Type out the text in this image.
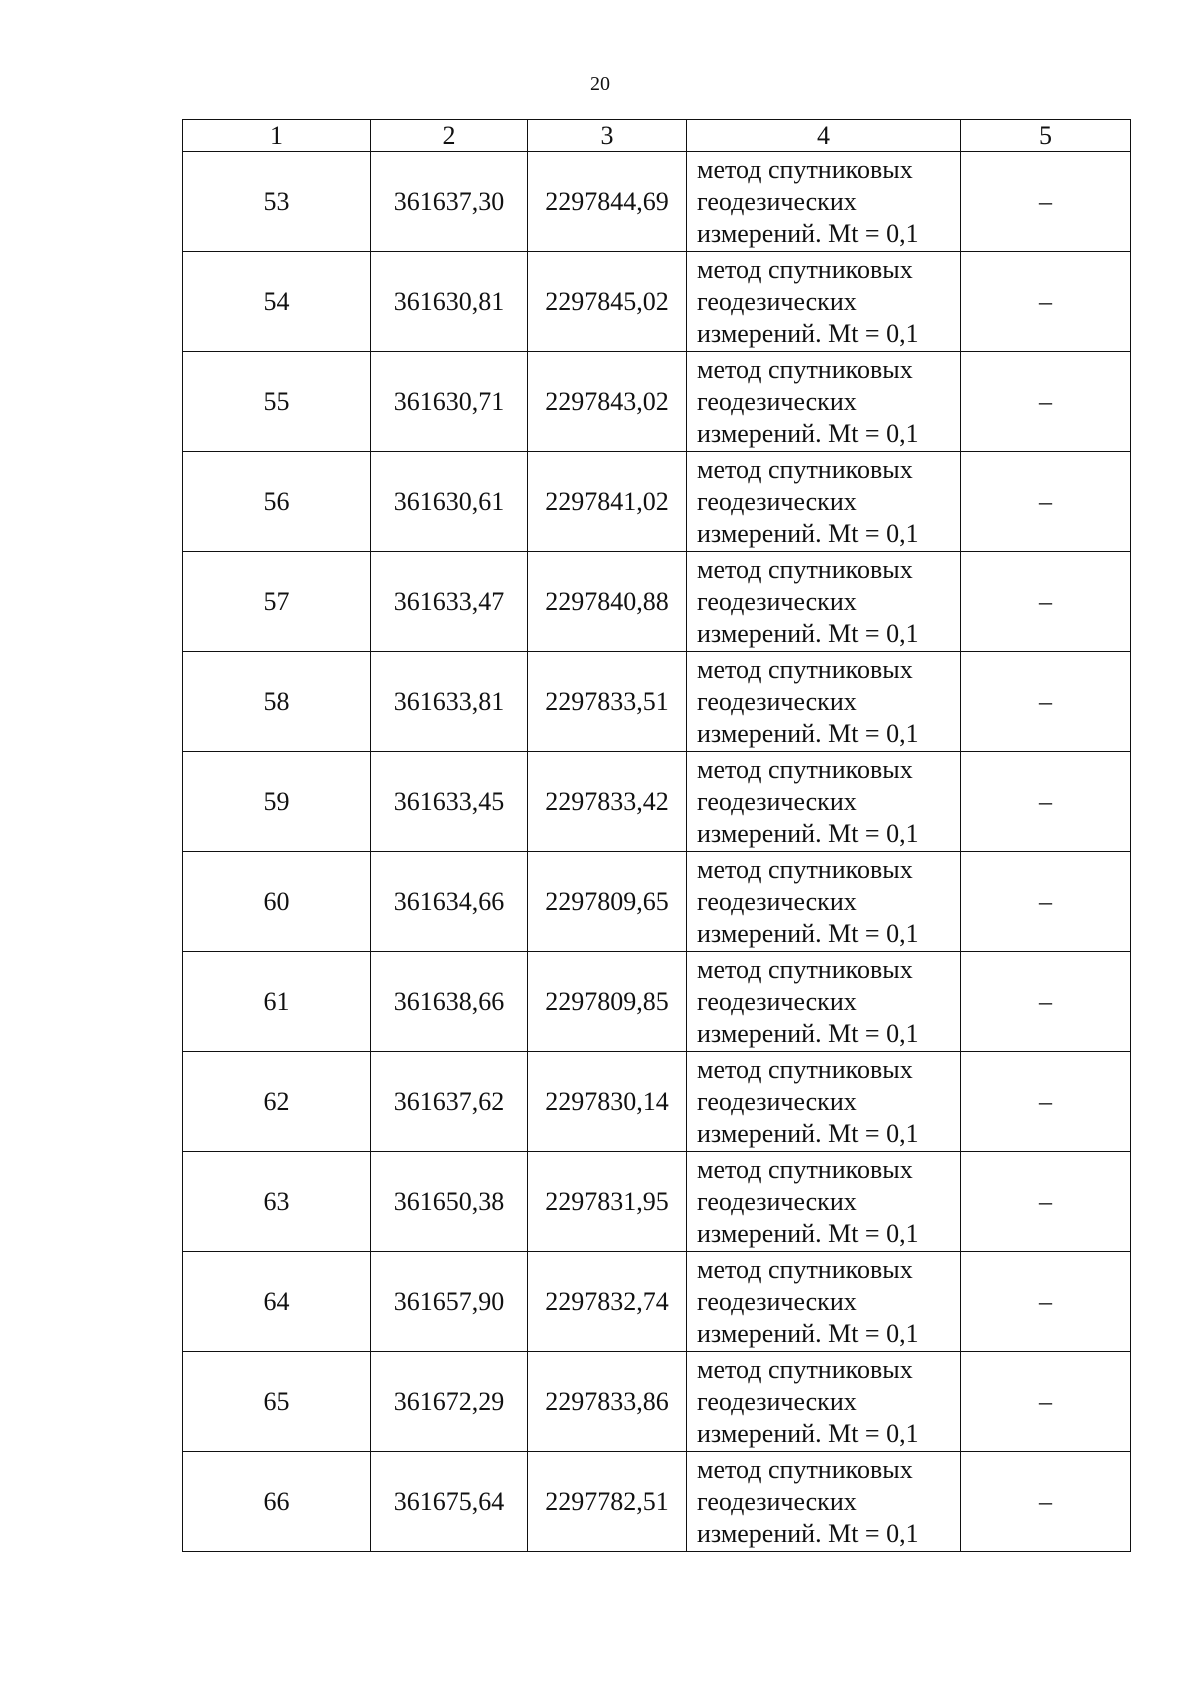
20
1	2	3	4	5
53	361637,30	2297844,69	метод спутниковых
геодезических
измерений. Mt = 0,1	–
54	361630,81	2297845,02	метод спутниковых
геодезических
измерений. Mt = 0,1	–
55	361630,71	2297843,02	метод спутниковых
геодезических
измерений. Mt = 0,1	–
56	361630,61	2297841,02	метод спутниковых
геодезических
измерений. Mt = 0,1	–
57	361633,47	2297840,88	метод спутниковых
геодезических
измерений. Mt = 0,1	–
58	361633,81	2297833,51	метод спутниковых
геодезических
измерений. Mt = 0,1	–
59	361633,45	2297833,42	метод спутниковых
геодезических
измерений. Mt = 0,1	–
60	361634,66	2297809,65	метод спутниковых
геодезических
измерений. Mt = 0,1	–
61	361638,66	2297809,85	метод спутниковых
геодезических
измерений. Mt = 0,1	–
62	361637,62	2297830,14	метод спутниковых
геодезических
измерений. Mt = 0,1	–
63	361650,38	2297831,95	метод спутниковых
геодезических
измерений. Mt = 0,1	–
64	361657,90	2297832,74	метод спутниковых
геодезических
измерений. Mt = 0,1	–
65	361672,29	2297833,86	метод спутниковых
геодезических
измерений. Mt = 0,1	–
66	361675,64	2297782,51	метод спутниковых
геодезических
измерений. Mt = 0,1	–
